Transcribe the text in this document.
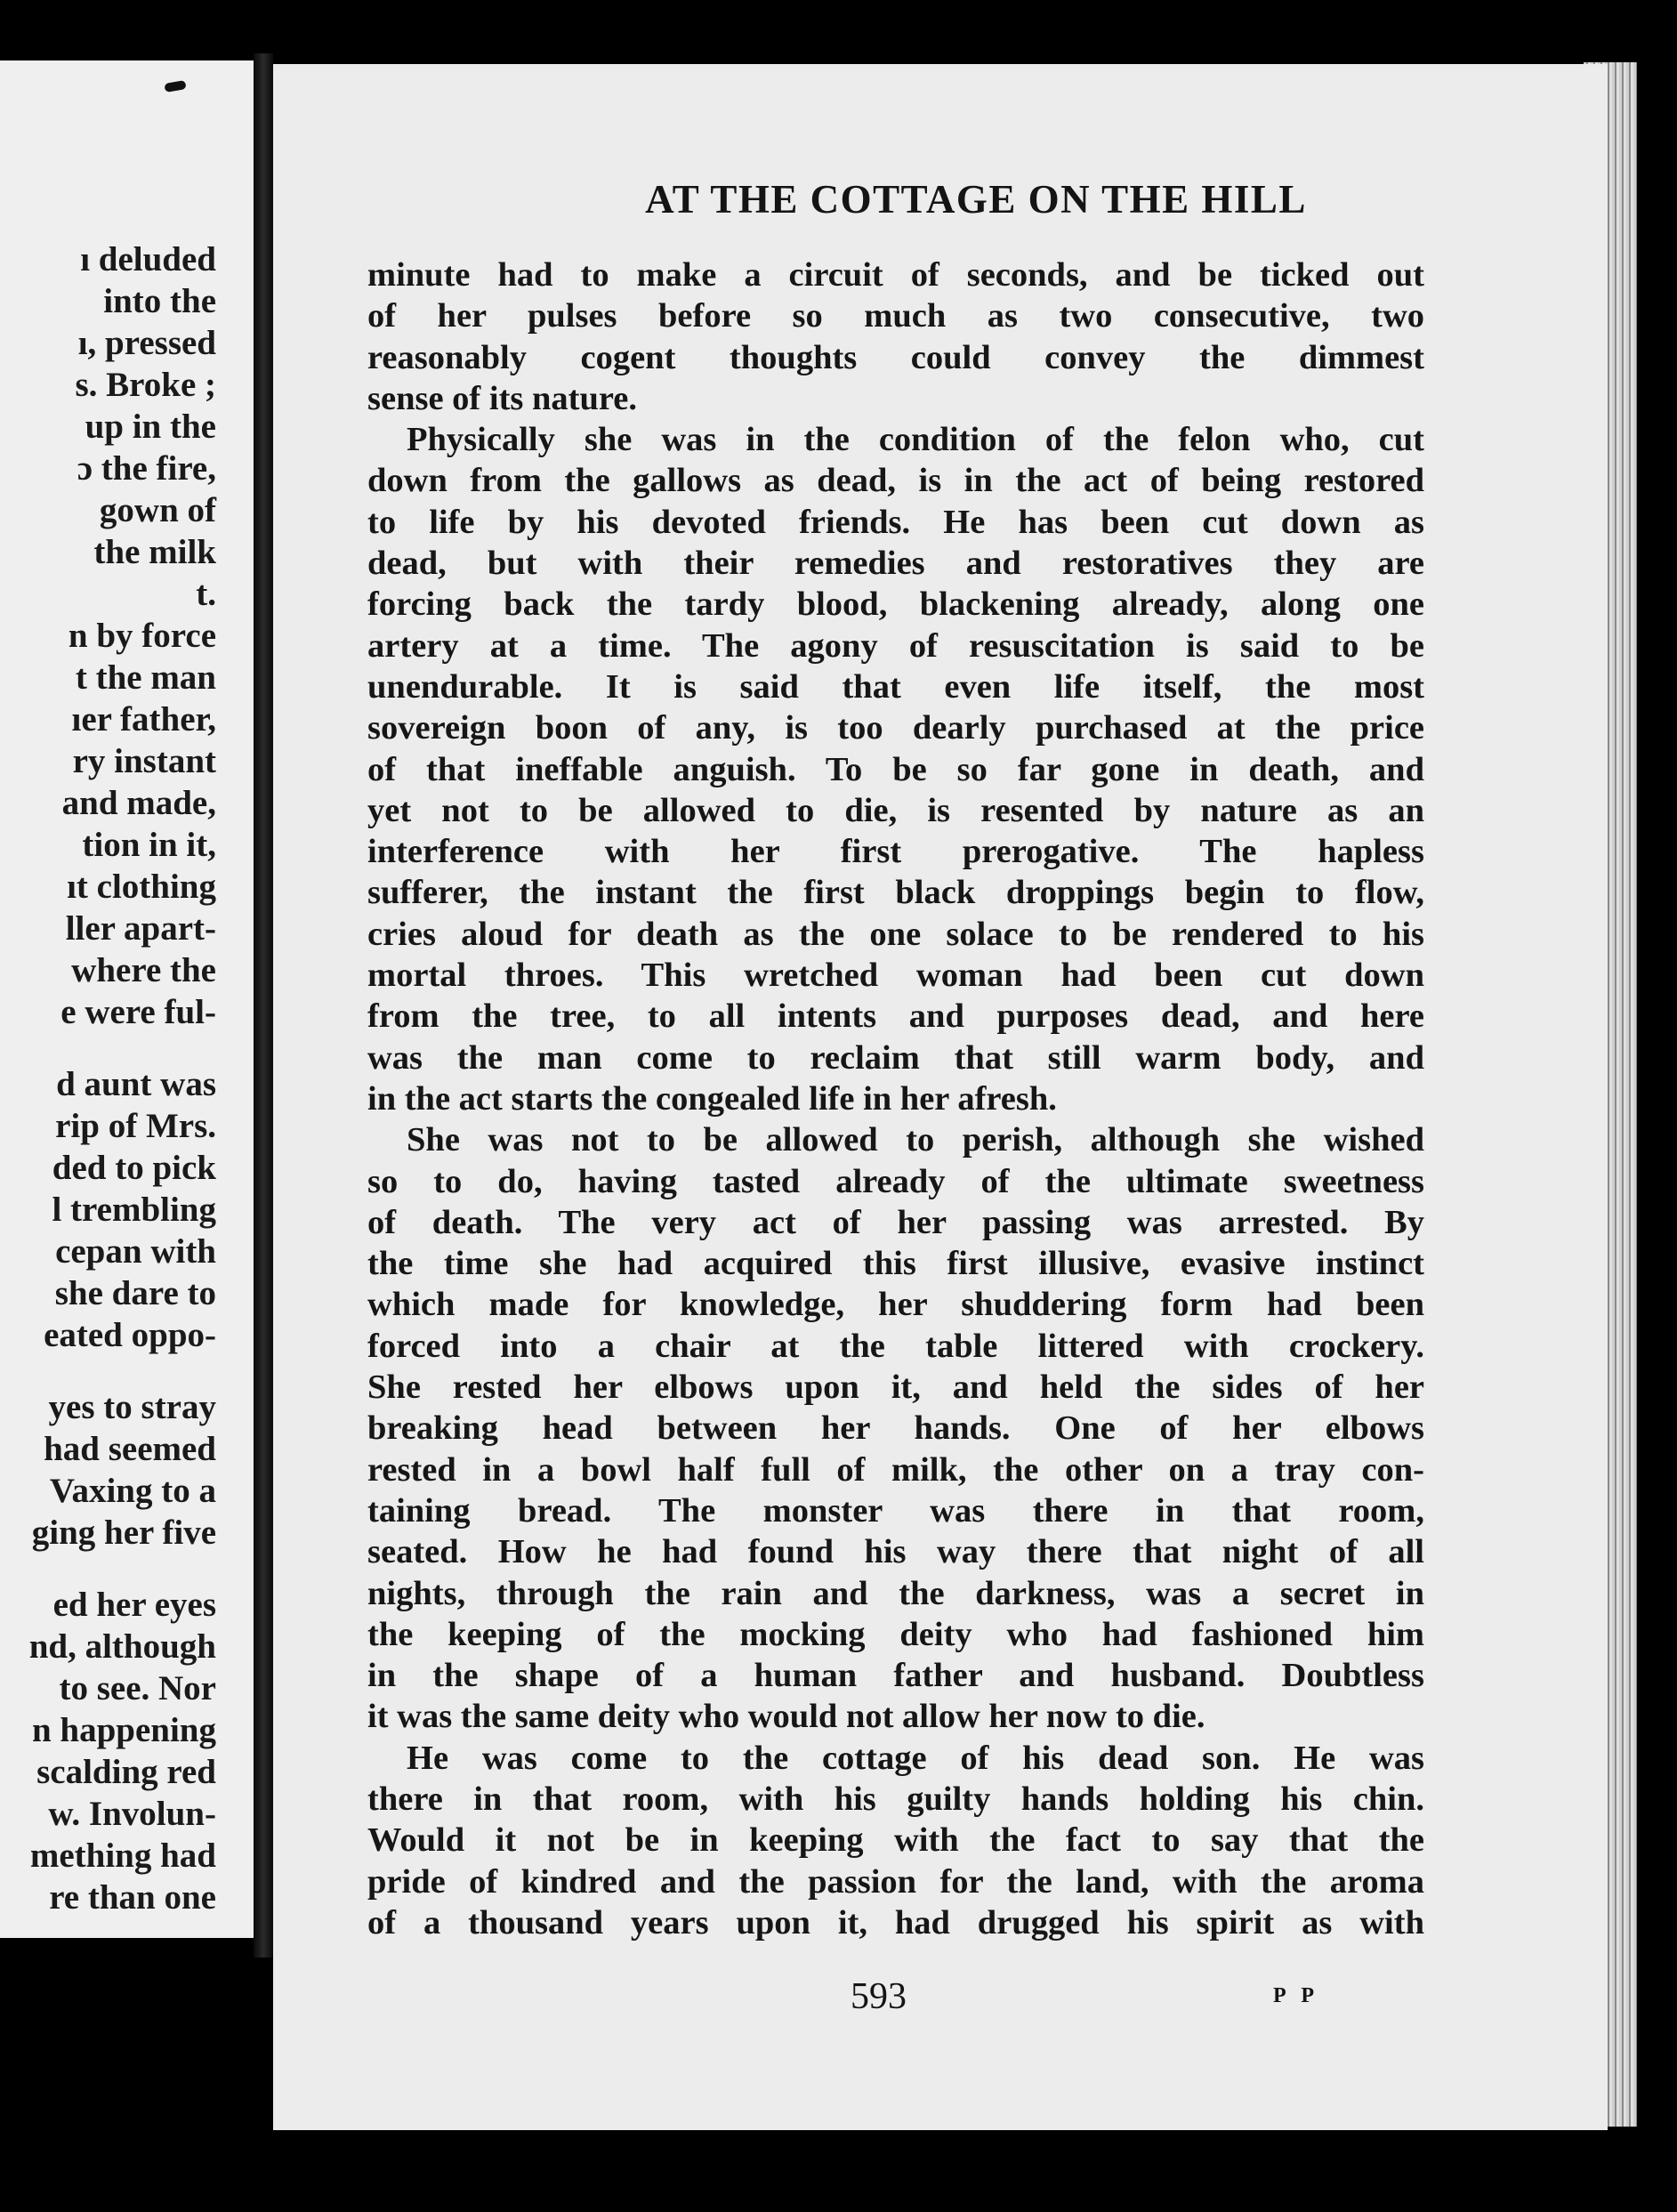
ı deluded
into the
ı, pressed
s. Broke ;
up in the
ɔ the fire,
gown of
the milk
t.
n by force
t the man
ıer father,
ry instant
and made,
tion in it,
ıt clothing
ller apart-
where the
e were ful-
d aunt was
rip of Mrs.
ded to pick
l trembling
cepan with
she dare to
eated oppo-
yes to stray
had seemed
Vaxing to a
ging her five
ed her eyes
nd, although
to see. Nor
n happening
scalding red
w. Involun-
mething had
re than one
AT THE COTTAGE ON THE HILL

minute had to make a circuit of seconds, and be ticked out
of her pulses before so much as two consecutive, two
reasonably cogent thoughts could convey the dimmest
sense of its nature.

Physically she was in the condition of the felon who, cut
down from the gallows as dead, is in the act of being restored
to life by his devoted friends. He has been cut down as
dead, but with their remedies and restoratives they are
forcing back the tardy blood, blackening already, along one
artery at a time. The agony of resuscitation is said to be
unendurable. It is said that even life itself, the most
sovereign boon of any, is too dearly purchased at the price
of that ineffable anguish. To be so far gone in death, and
yet not to be allowed to die, is resented by nature as an
interference with her first prerogative. The hapless
sufferer, the instant the first black droppings begin to flow,
cries aloud for death as the one solace to be rendered to his
mortal throes. This wretched woman had been cut down
from the tree, to all intents and purposes dead, and here
was the man come to reclaim that still warm body, and
in the act starts the congealed life in her afresh.

She was not to be allowed to perish, although she wished
so to do, having tasted already of the ultimate sweetness
of death. The very act of her passing was arrested. By
the time she had acquired this first illusive, evasive instinct
which made for knowledge, her shuddering form had been
forced into a chair at the table littered with crockery.
She rested her elbows upon it, and held the sides of her
breaking head between her hands. One of her elbows
rested in a bowl half full of milk, the other on a tray con-
taining bread. The monster was there in that room,
seated. How he had found his way there that night of all
nights, through the rain and the darkness, was a secret in
the keeping of the mocking deity who had fashioned him
in the shape of a human father and husband. Doubtless
it was the same deity who would not allow her now to die.

He was come to the cottage of his dead son. He was
there in that room, with his guilty hands holding his chin.
Would it not be in keeping with the fact to say that the
pride of kindred and the passion for the land, with the aroma
of a thousand years upon it, had drugged his spirit as with

593	P P
